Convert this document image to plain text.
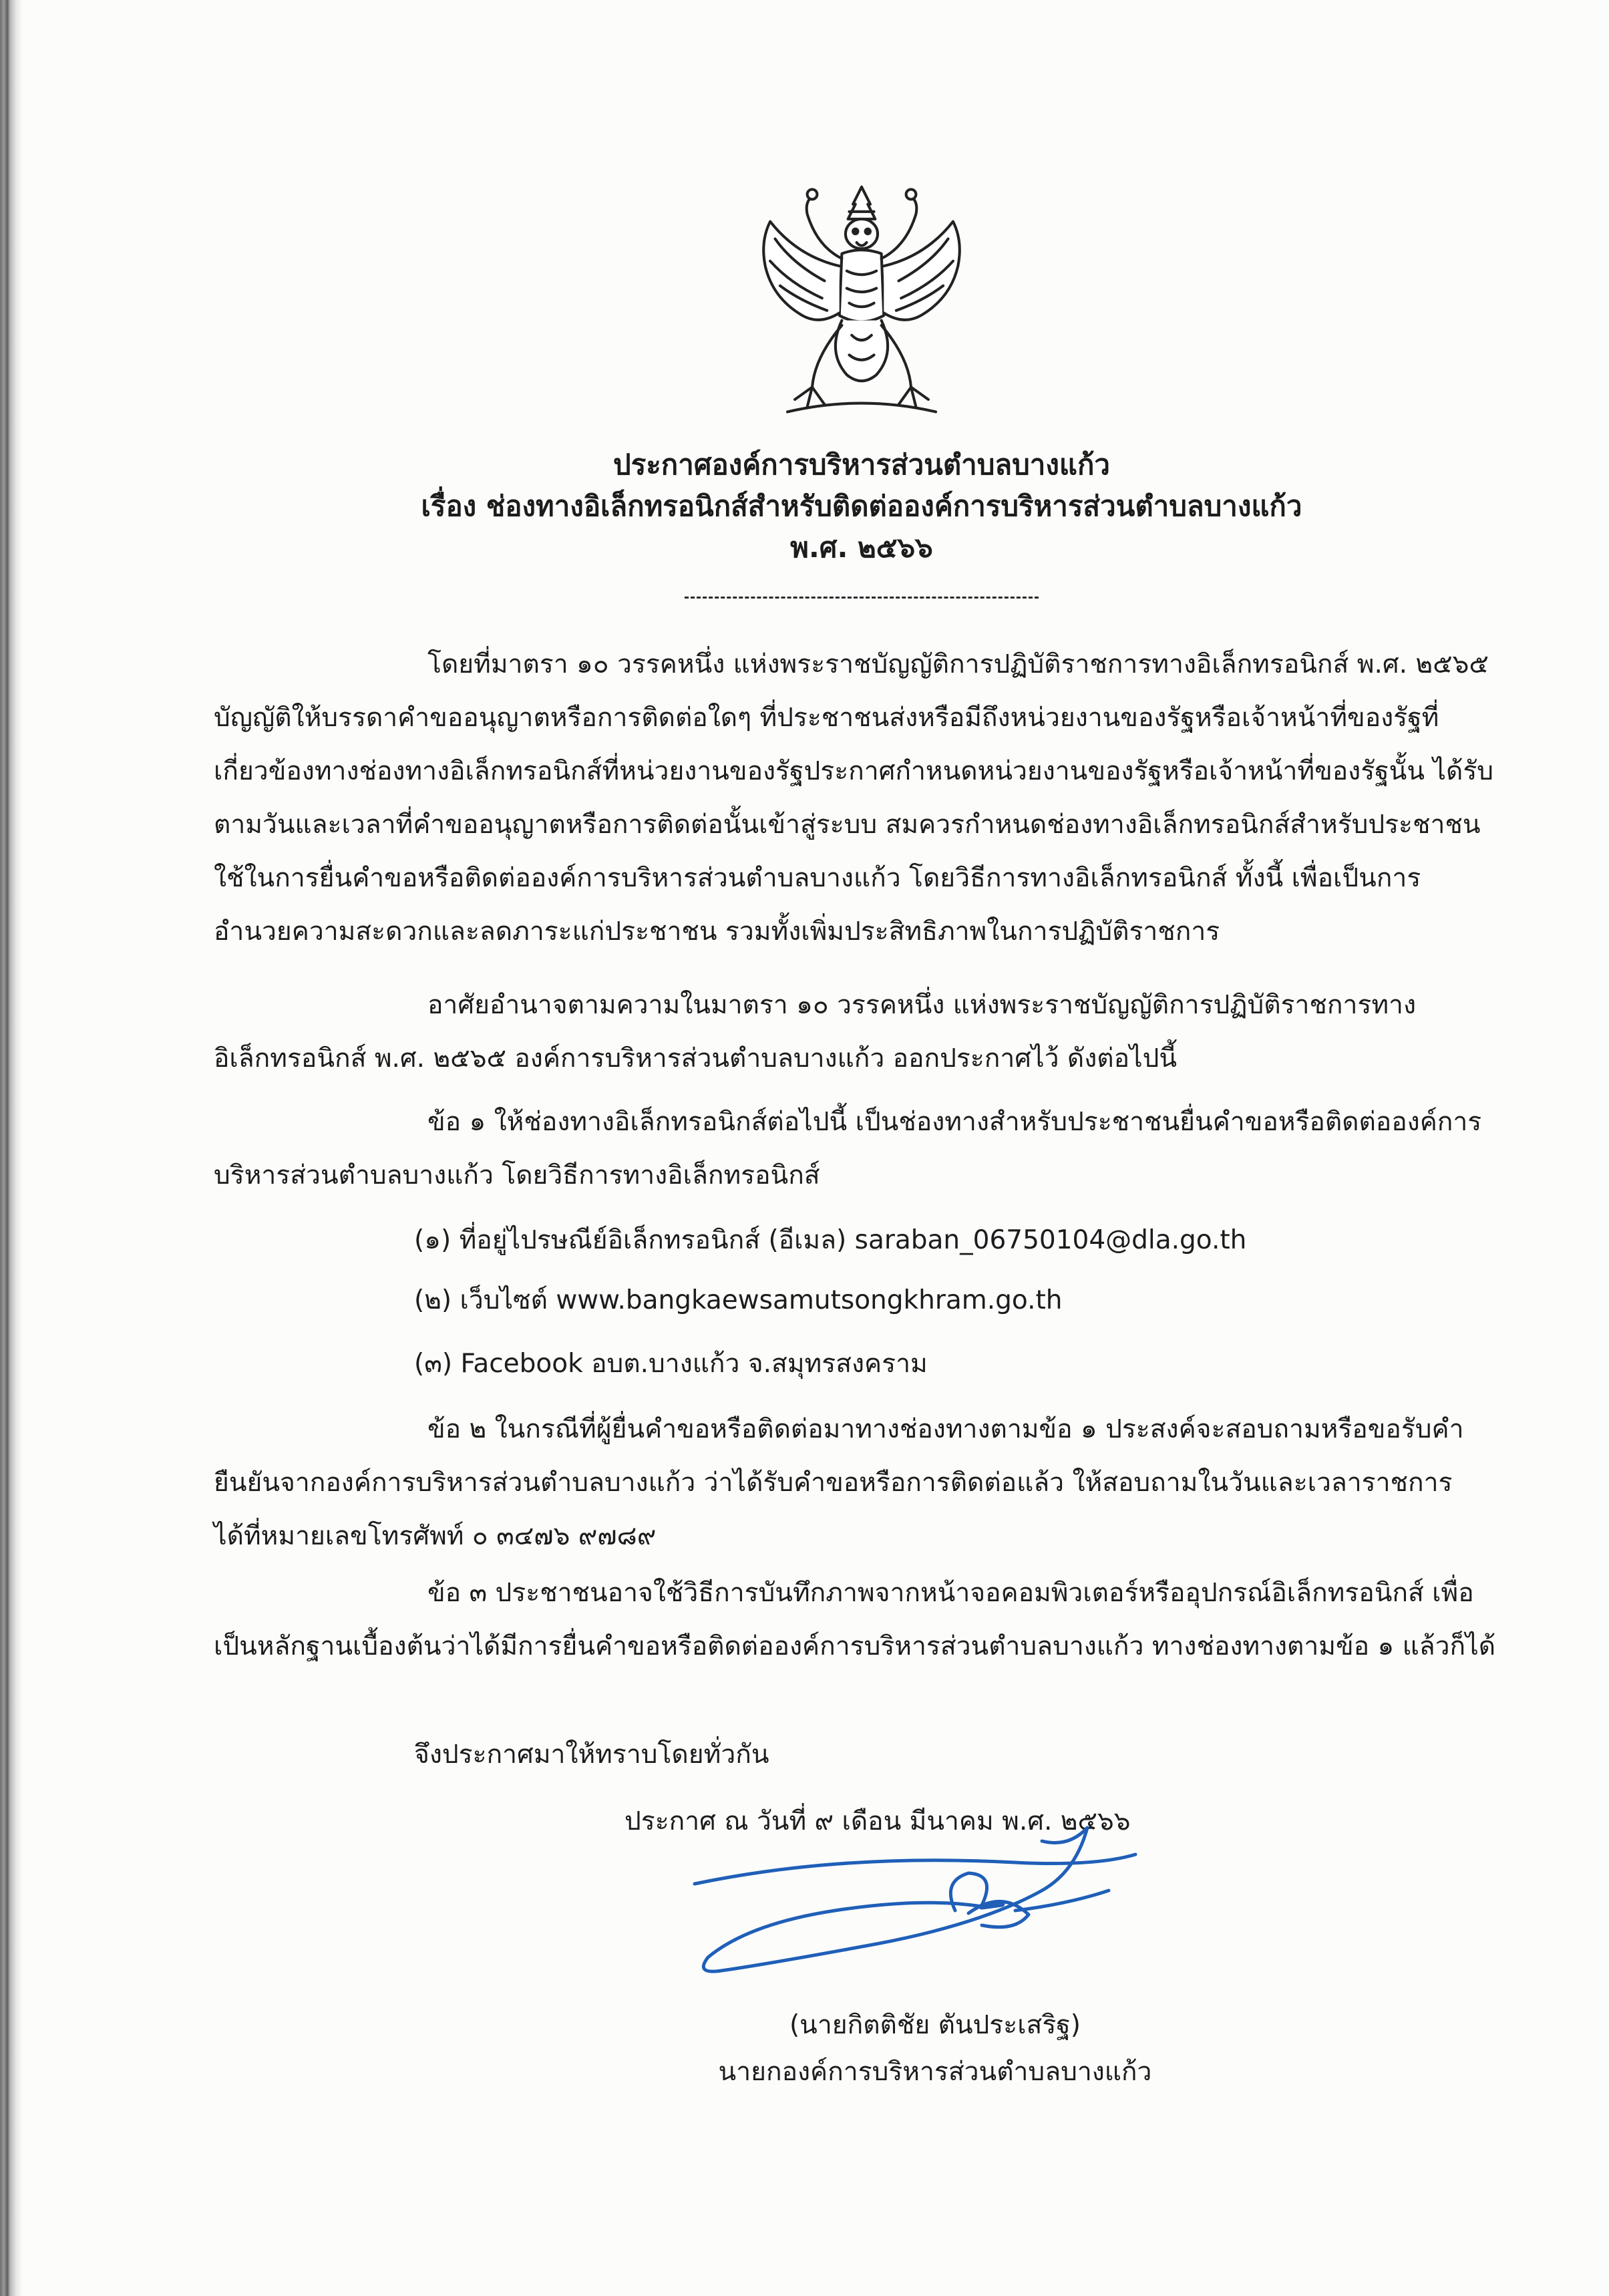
ประกาศองค์การบริหารส่วนตำบลบางแก้ว
เรื่อง ช่องทางอิเล็กทรอนิกส์สำหรับติดต่อองค์การบริหารส่วนตำบลบางแก้ว
พ.ศ. ๒๕๖๖

โดยที่มาตรา ๑๐ วรรคหนึ่ง แห่งพระราชบัญญัติการปฏิบัติราชการทางอิเล็กทรอนิกส์ พ.ศ. ๒๕๖๕ บัญญัติให้บรรดาคำขออนุญาตหรือการติดต่อใดๆ ที่ประชาชนส่งหรือมีถึงหน่วยงานของรัฐหรือเจ้าหน้าที่ของรัฐที่เกี่ยวข้องทางช่องทางอิเล็กทรอนิกส์ที่หน่วยงานของรัฐประกาศกำหนดหน่วยงานของรัฐหรือเจ้าหน้าที่ของรัฐนั้น ได้รับตามวันและเวลาที่คำขออนุญาตหรือการติดต่อนั้นเข้าสู่ระบบ สมควรกำหนดช่องทางอิเล็กทรอนิกส์สำหรับประชาชนใช้ในการยื่นคำขอหรือติดต่อองค์การบริหารส่วนตำบลบางแก้ว โดยวิธีการทางอิเล็กทรอนิกส์ ทั้งนี้ เพื่อเป็นการอำนวยความสะดวกและลดภาระแก่ประชาชน รวมทั้งเพิ่มประสิทธิภาพในการปฏิบัติราชการ

อาศัยอำนาจตามความในมาตรา ๑๐ วรรคหนึ่ง แห่งพระราชบัญญัติการปฏิบัติราชการทางอิเล็กทรอนิกส์ พ.ศ. ๒๕๖๕ องค์การบริหารส่วนตำบลบางแก้ว ออกประกาศไว้ ดังต่อไปนี้

ข้อ ๑ ให้ช่องทางอิเล็กทรอนิกส์ต่อไปนี้ เป็นช่องทางสำหรับประชาชนยื่นคำขอหรือติดต่อองค์การบริหารส่วนตำบลบางแก้ว โดยวิธีการทางอิเล็กทรอนิกส์

(๑) ที่อยู่ไปรษณีย์อิเล็กทรอนิกส์ (อีเมล) saraban_06750104@dla.go.th
(๒) เว็บไซต์ www.bangkaewsamutsongkhram.go.th
(๓) Facebook อบต.บางแก้ว จ.สมุทรสงคราม

ข้อ ๒ ในกรณีที่ผู้ยื่นคำขอหรือติดต่อมาทางช่องทางตามข้อ ๑ ประสงค์จะสอบถามหรือขอรับคำยืนยันจากองค์การบริหารส่วนตำบลบางแก้ว ว่าได้รับคำขอหรือการติดต่อแล้ว ให้สอบถามในวันและเวลาราชการได้ที่หมายเลขโทรศัพท์ ๐ ๓๔๗๖ ๙๗๘๙

ข้อ ๓ ประชาชนอาจใช้วิธีการบันทึกภาพจากหน้าจอคอมพิวเตอร์หรืออุปกรณ์อิเล็กทรอนิกส์ เพื่อเป็นหลักฐานเบื้องต้นว่าได้มีการยื่นคำขอหรือติดต่อองค์การบริหารส่วนตำบลบางแก้ว ทางช่องทางตามข้อ ๑ แล้วก็ได้

จึงประกาศมาให้ทราบโดยทั่วกัน
ประกาศ ณ วันที่ ๙ เดือน มีนาคม พ.ศ. ๒๕๖๖
(นายกิตติชัย ตันประเสริฐ)
นายกองค์การบริหารส่วนตำบลบางแก้ว
